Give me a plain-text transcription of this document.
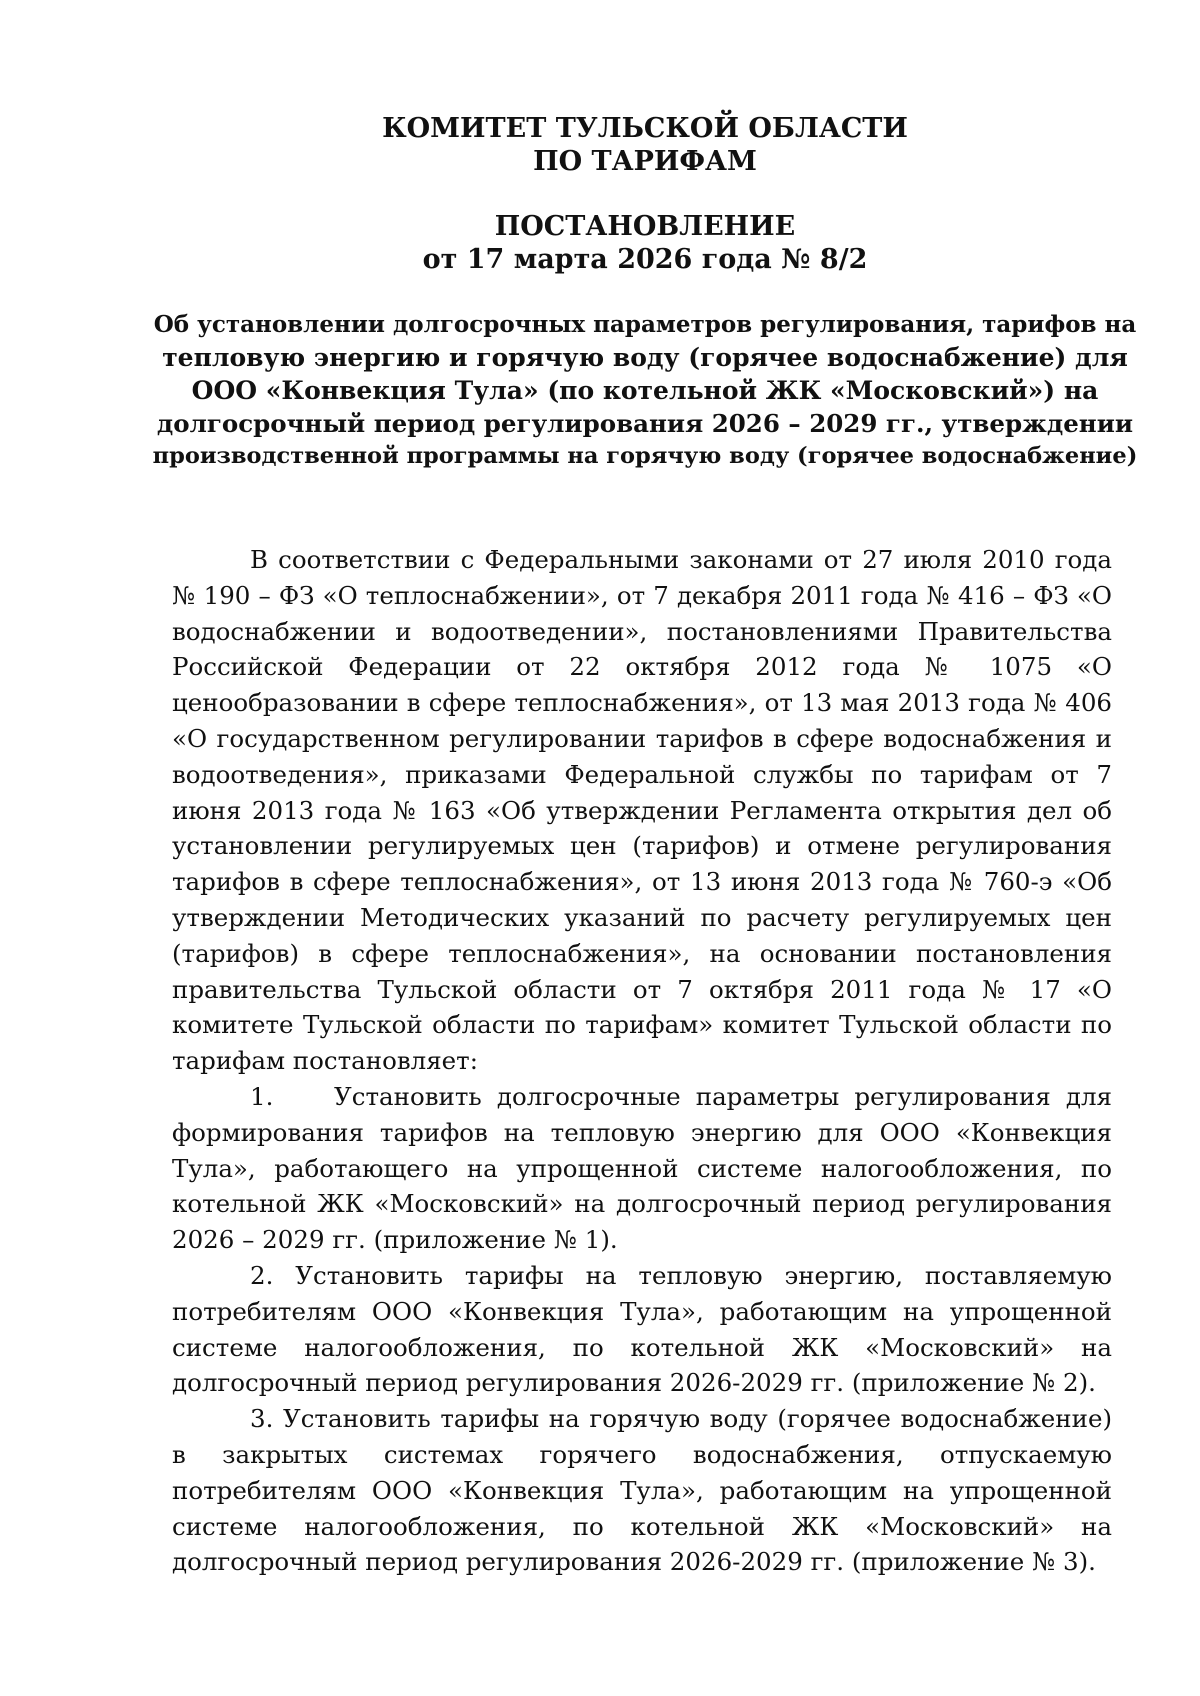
КОМИТЕТ ТУЛЬСКОЙ ОБЛАСТИ
ПО ТАРИФАМ
ПОСТАНОВЛЕНИЕ
от 17 марта 2026 года № 8/2
Об установлении долгосрочных параметров регулирования, тарифов на
тепловую энергию и горячую воду (горячее водоснабжение) для
ООО «Конвекция Тула» (по котельной ЖК «Московский») на
долгосрочный период регулирования 2026 – 2029 гг., утверждении
производственной программы на горячую воду (горячее водоснабжение)

В соответствии с Федеральными законами от 27 июля 2010 года № 190 – ФЗ «О теплоснабжении», от 7 декабря 2011 года № 416 – ФЗ «О водоснабжении и водоотведении», постановлениями Правительства Российской Федерации от 22 октября 2012 года № 1075 «О ценообразовании в сфере теплоснабжения», от 13 мая 2013 года № 406 «О государственном регулировании тарифов в сфере водоснабжения и водоотведения», приказами Федеральной службы по тарифам от 7 июня 2013 года № 163 «Об утверждении Регламента открытия дел об установлении регулируемых цен (тарифов) и отмене регулирования тарифов в сфере теплоснабжения», от 13 июня 2013 года № 760-э «Об утверждении Методических указаний по расчету регулируемых цен (тарифов) в сфере теплоснабжения», на основании постановления правительства Тульской области от 7 октября 2011 года № 17 «О комитете Тульской области по тарифам» комитет Тульской области по тарифам постановляет:

1.    Установить долгосрочные параметры регулирования для формирования тарифов на тепловую энергию для ООО «Конвекция Тула», работающего на упрощенной системе налогообложения, по котельной ЖК «Московский» на долгосрочный период регулирования 2026 – 2029 гг. (приложение № 1).

2. Установить тарифы на тепловую энергию, поставляемую потребителям ООО «Конвекция Тула», работающим на упрощенной системе налогообложения, по котельной ЖК «Московский» на долгосрочный период регулирования 2026-2029 гг. (приложение № 2).

3. Установить тарифы на горячую воду (горячее водоснабжение) в закрытых системах горячего водоснабжения, отпускаемую потребителям ООО «Конвекция Тула», работающим на упрощенной системе налогообложения, по котельной ЖК «Московский» на долгосрочный период регулирования 2026-2029 гг. (приложение № 3).
